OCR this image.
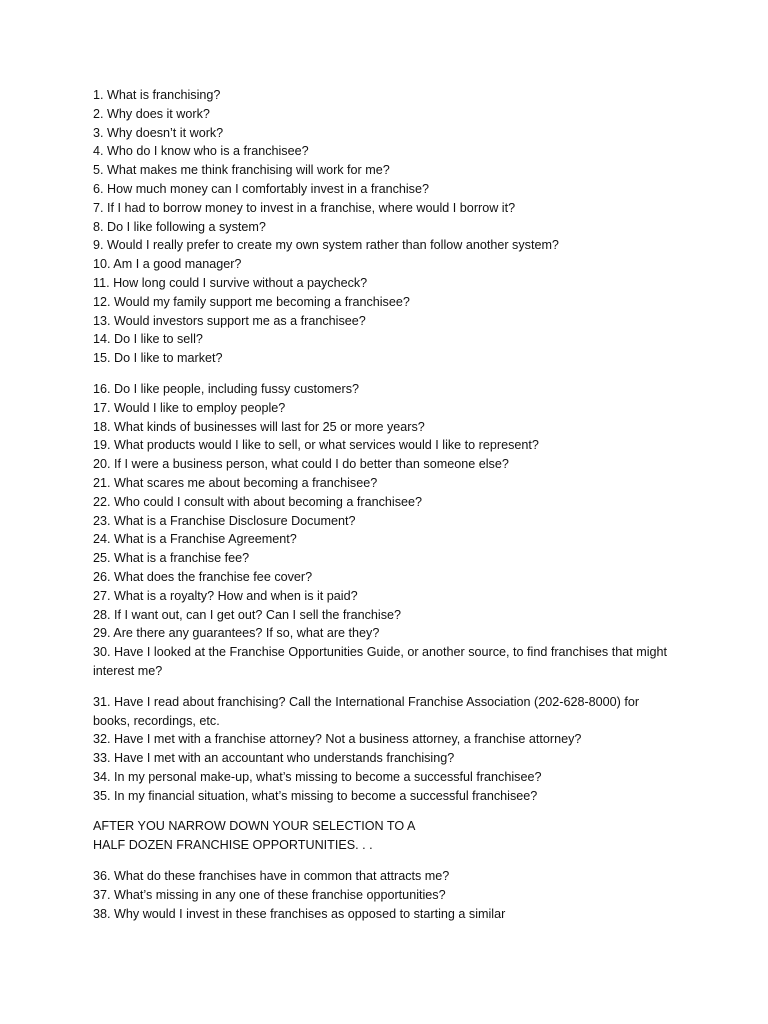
1. What is franchising?
2. Why does it work?
3. Why doesn’t it work?
4. Who do I know who is a franchisee?
5. What makes me think franchising will work for me?
6. How much money can I comfortably invest in a franchise?
7. If I had to borrow money to invest in a franchise, where would I borrow it?
8. Do I like following a system?
9. Would I really prefer to create my own system rather than follow another system?
10. Am I a good manager?
11. How long could I survive without a paycheck?
12. Would my family support me becoming a franchisee?
13. Would investors support me as a franchisee?
14. Do I like to sell?
15. Do I like to market?
16. Do I like people, including fussy customers?
17. Would I like to employ people?
18. What kinds of businesses will last for 25 or more years?
19. What products would I like to sell, or what services would I like to represent?
20. If I were a business person, what could I do better than someone else?
21. What scares me about becoming a franchisee?
22. Who could I consult with about becoming a franchisee?
23. What is a Franchise Disclosure Document?
24. What is a Franchise Agreement?
25. What is a franchise fee?
26. What does the franchise fee cover?
27. What is a royalty? How and when is it paid?
28. If I want out, can I get out? Can I sell the franchise?
29. Are there any guarantees? If so, what are they?
30. Have I looked at the Franchise Opportunities Guide, or another source, to find franchises that might interest me?
31. Have I read about franchising? Call the International Franchise Association (202-628-8000) for books, recordings, etc.
32. Have I met with a franchise attorney? Not a business attorney, a franchise attorney?
33. Have I met with an accountant who understands franchising?
34. In my personal make-up, what’s missing to become a successful franchisee?
35. In my financial situation, what’s missing to become a successful franchisee?
AFTER YOU NARROW DOWN YOUR SELECTION TO A
HALF DOZEN FRANCHISE OPPORTUNITIES. . .
36. What do these franchises have in common that attracts me?
37. What’s missing in any one of these franchise opportunities?
38. Why would I invest in these franchises as opposed to starting a similar
